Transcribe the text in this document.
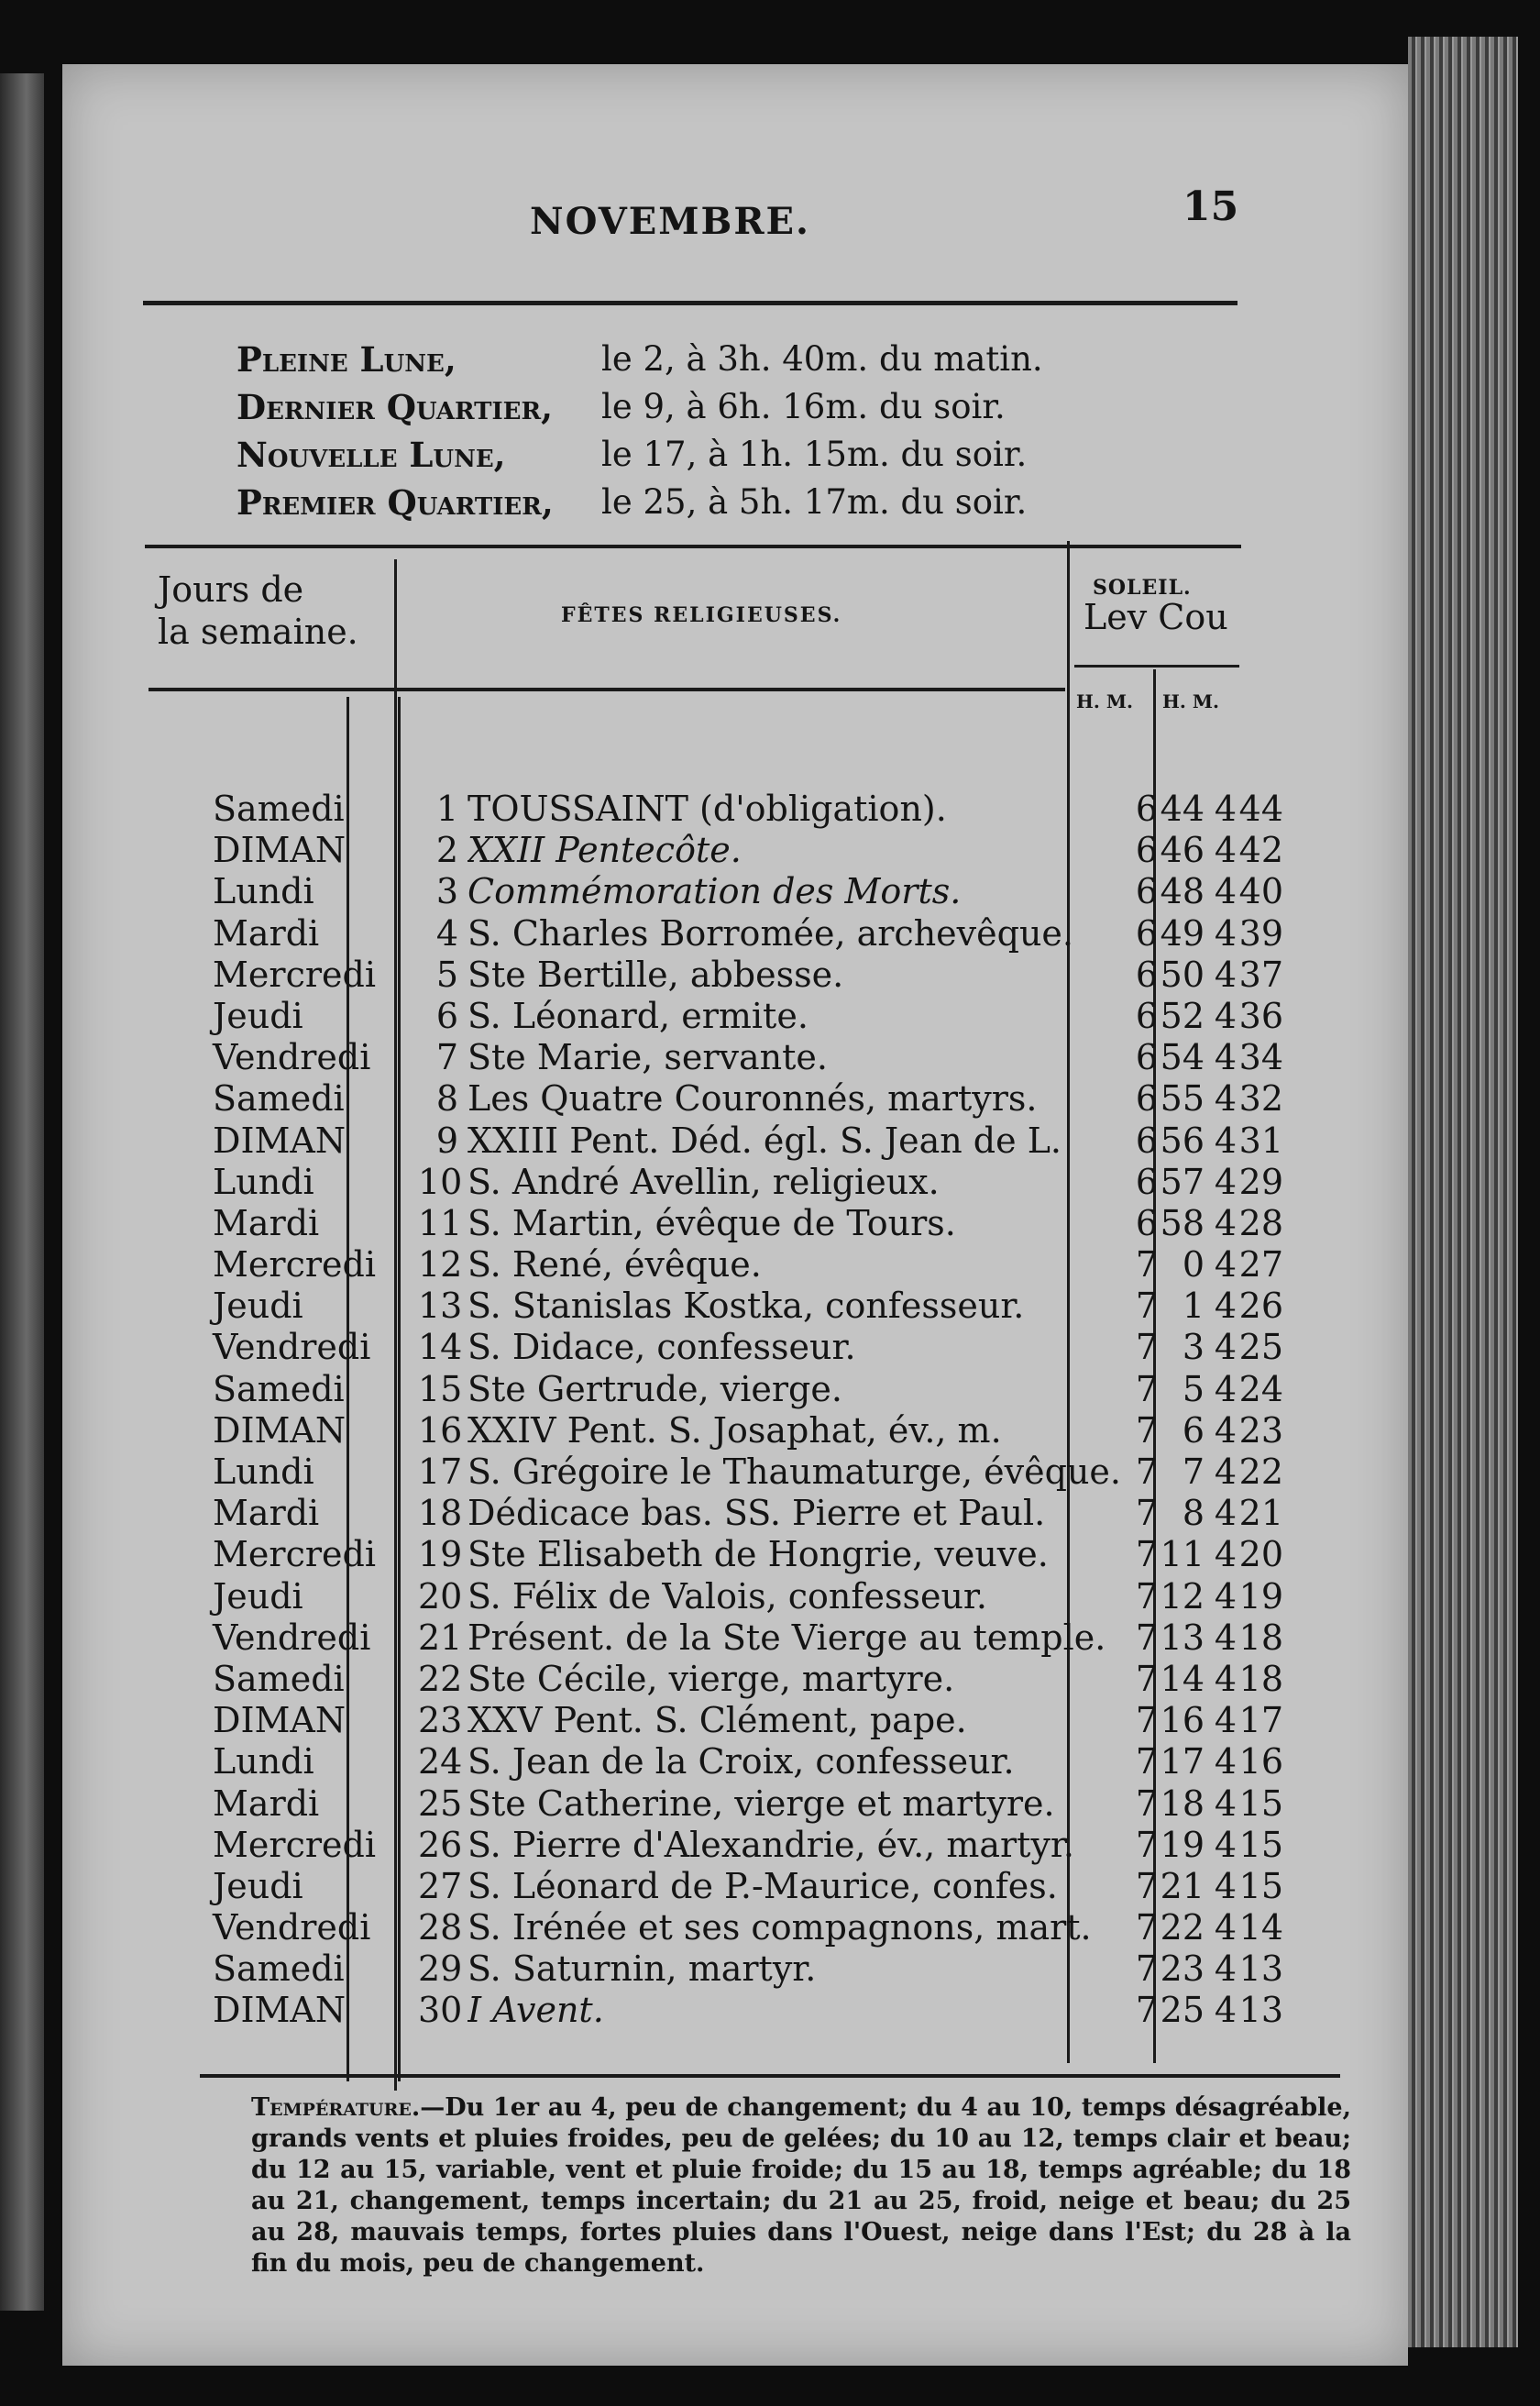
NOVEMBRE.	15
Pleine Lune,	le 2, à 3h. 40m. du matin.
Dernier Quartier,	le 9, à 6h. 16m. du soir.
Nouvelle Lune,	le 17, à 1h. 15m. du soir.
Premier Quartier,	le 25, à 5h. 17m. du soir.
Jours de
la semaine.	FÊTES RELIGIEUSES.
SOLEIL.
Lev Cou
H. M. H. M.
Samedi	1 TOUSSAINT (d'obligation).	6 44 4 44
DIMAN	2 XXII Pentecôte.	6 46 4 42
Lundi	3 Commémoration des Morts.	6 48 4 40
Mardi	4 S. Charles Borromée, archevêque.	6 49 4 39
Mercredi	5 Ste Bertille, abbesse.	6 50 4 37
Jeudi	6 S. Léonard, ermite.	6 52 4 36
Vendredi	7 Ste Marie, servante.	6 54 4 34
Samedi	8 Les Quatre Couronnés, martyrs.	6 55 4 32
DIMAN	9 XXIII Pent. Déd. égl. S. Jean de L.	6 56 4 31
Lundi	10 S. André Avellin, religieux.	6 57 4 29
Mardi	11 S. Martin, évêque de Tours.	6 58 4 28
Mercredi	12 S. René, évêque.	7 0 4 27
Jeudi	13 S. Stanislas Kostka, confesseur.	7 1 4 26
Vendredi	14 S. Didace, confesseur.	7 3 4 25
Samedi	15 Ste Gertrude, vierge.	7 5 4 24
DIMAN	16 XXIV Pent. S. Josaphat, év., m.	7 6 4 23
Lundi	17 S. Grégoire le Thaumaturge, évêque. 7 7 4 22
Mardi	18 Dédicace bas. SS. Pierre et Paul.	7 8 4 21
Mercredi	19 Ste Elisabeth de Hongrie, veuve.	7 11 4 20
Jeudi	20 S. Félix de Valois, confesseur.	7 12 4 19
Vendredi	21 Présent. de la Ste Vierge au temple. 7 13 4 18
Samedi	22 Ste Cécile, vierge, martyre.	7 14 4 18
DIMAN	23 XXV Pent. S. Clément, pape.	7 16 4 17
Lundi	24 S. Jean de la Croix, confesseur.	7 17 4 16
Mardi	25 Ste Catherine, vierge et martyre.	7 18 4 15
Mercredi	26 S. Pierre d'Alexandrie, év., martyr.	7 19 4 15
Jeudi	27 S. Léonard de P.-Maurice, confes.	7 21 4 15
Vendredi	28 S. Irénée et ses compagnons, mart.	7 22 4 14
Samedi	29 S. Saturnin, martyr.	7 23 4 13
DIMAN	30 I Avent.	7 25 4 13
Température.—Du 1er au 4, peu de changement; du 4 au 10, temps désagréable, grands vents et pluies froides, peu de gelées; du 10 au 12, temps clair et beau; du 12 au 15, variable, vent et pluie froide; du 15 au 18, temps agréable; du 18 au 21, changement, temps incertain; du 21 au 25, froid, neige et beau; du 25 au 28, mauvais temps, fortes pluies dans l'Ouest, neige dans l'Est; du 28 à la fin du mois, peu de changement.
